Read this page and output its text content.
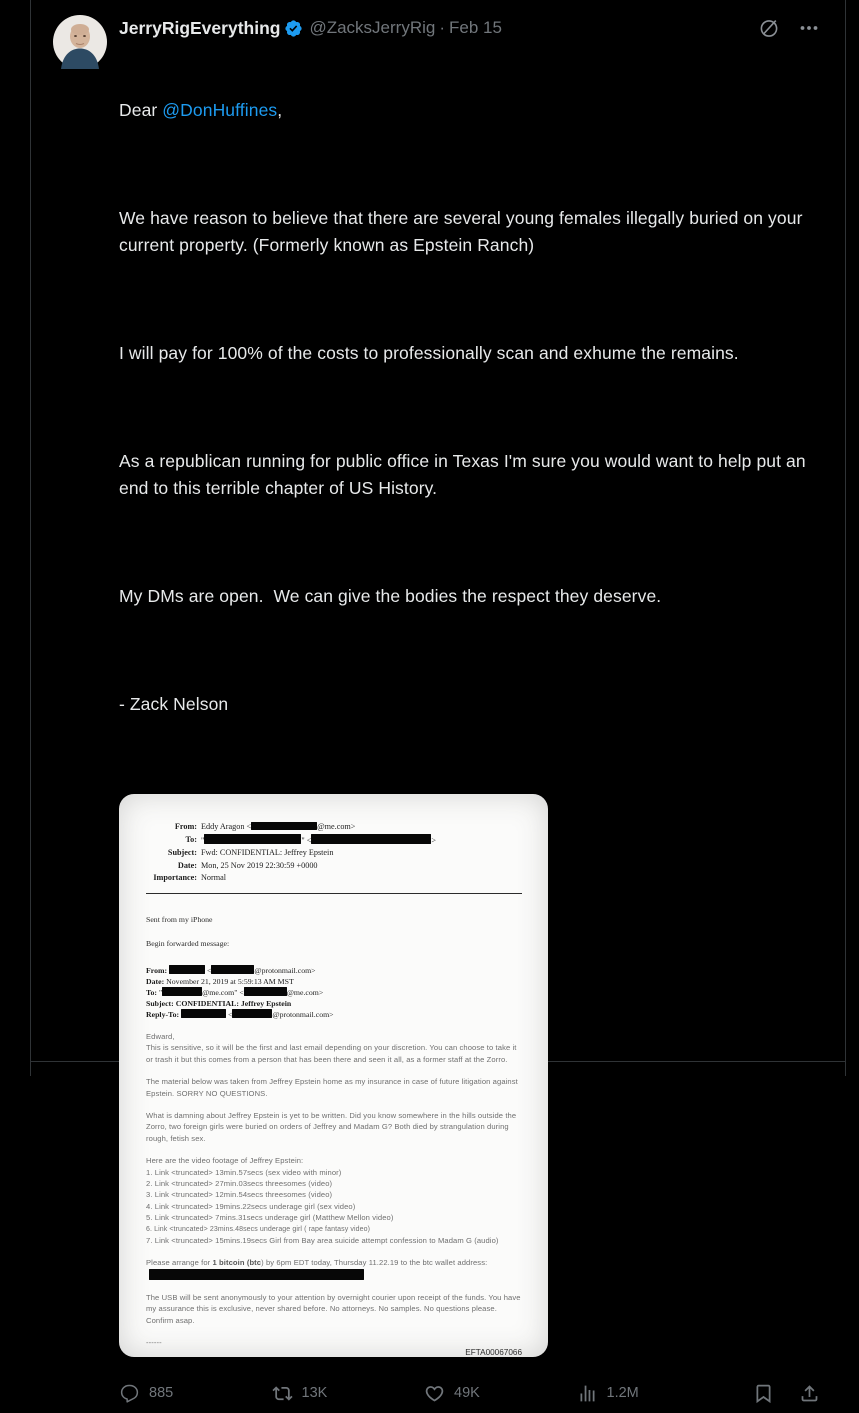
JerryRigEverything @ZacksJerryRig · Feb 15

Dear @DonHuffines,

We have reason to believe that there are several young females illegally buried on your current property. (Formerly known as Epstein Ranch)

I will pay for 100% of the costs to professionally scan and exhume the remains.

As a republican running for public office in Texas I'm sure you would want to help put an end to this terrible chapter of US History.

My DMs are open.  We can give the bodies the respect they deserve.

- Zack Nelson

From: Eddy Aragon <	@me.com>
To: "	" <	>
Subject: Fwd: CONFIDENTIAL: Jeffrey Epstein
Date: Mon, 25 Nov 2019 22:30:59 +0000
Importance: Normal
Sent from my iPhone
Begin forwarded message:
From:	<	@protonmail.com>
Date: November 21, 2019 at 5:59:13 AM MST
To: "	@me.com" <	@me.com>
Subject: CONFIDENTIAL: Jeffrey Epstein
Reply-To:	<	@protonmail.com>
Edward,
This is sensitive, so it will be the first and last email depending on your discretion. You can choose to take it or trash it but this comes from a person that has been there and seen it all, as a former staff at the Zorro.
The material below was taken from Jeffrey Epstein home as my insurance in case of future litigation against Epstein. SORRY NO QUESTIONS.
What is damning about Jeffrey Epstein is yet to be written. Did you know somewhere in the hills outside the Zorro, two foreign girls were buried on orders of Jeffrey and Madam G? Both died by strangulation during rough, fetish sex.
Here are the video footage of Jeffrey Epstein:
1. Link <truncated> 13min.57secs (sex video with minor)
2. Link <truncated> 27min.03secs threesomes (video)
3. Link <truncated> 12min.54secs threesomes (video)
4. Link <truncated> 19mins.22secs underage girl (sex video)
5. Link <truncated> 7mins.31secs underage girl (Matthew Mellon video)
6. Link <truncated> 23mins.48secs underage girl ( rape fantasy video)
7. Link <truncated> 15mins.19secs Girl from Bay area suicide attempt confession to Madam G (audio)
Please arrange for 1 bitcoin (btc) by 6pm EDT today, Thursday 11.22.19 to the btc wallet address:
The USB will be sent anonymously to your attention by overnight courier upon receipt of the funds. You have my assurance this is exclusive, never shared before. No attorneys. No samples. No questions please. Confirm asap.
------
EFTA00067066
885	13K	49K	1.2M
